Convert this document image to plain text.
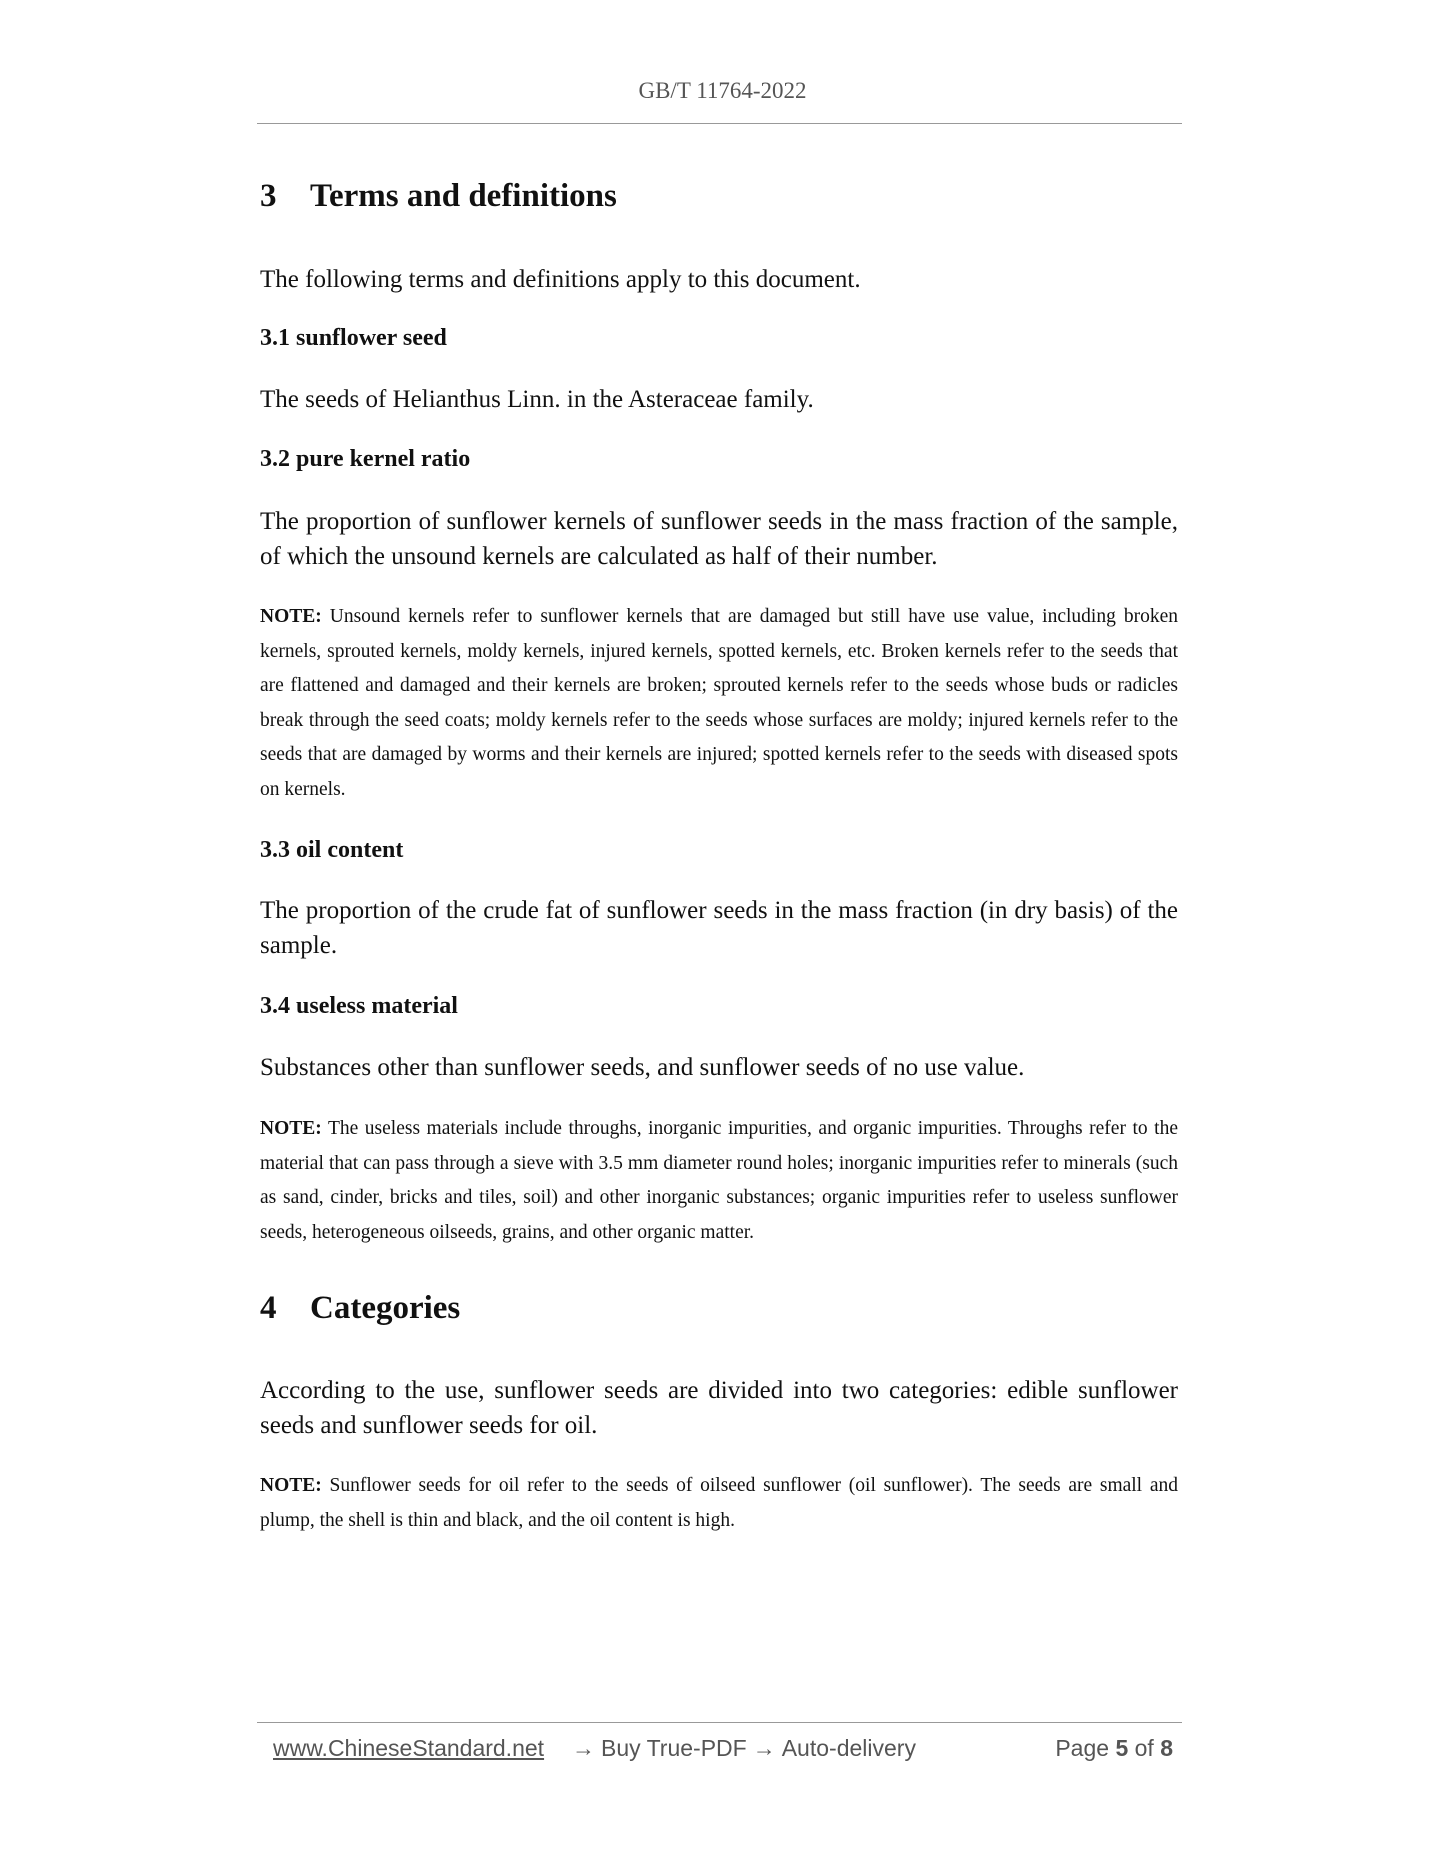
GB/T 11764-2022
3 Terms and definitions

The following terms and definitions apply to this document.

3.1 sunflower seed

The seeds of Helianthus Linn. in the Asteraceae family.

3.2 pure kernel ratio

The proportion of sunflower kernels of sunflower seeds in the mass fraction of the sample, of which the unsound kernels are calculated as half of their number.

NOTE: Unsound kernels refer to sunflower kernels that are damaged but still have use value, including broken kernels, sprouted kernels, moldy kernels, injured kernels, spotted kernels, etc. Broken kernels refer to the seeds that are flattened and damaged and their kernels are broken; sprouted kernels refer to the seeds whose buds or radicles break through the seed coats; moldy kernels refer to the seeds whose surfaces are moldy; injured kernels refer to the seeds that are damaged by worms and their kernels are injured; spotted kernels refer to the seeds with diseased spots on kernels.

3.3 oil content

The proportion of the crude fat of sunflower seeds in the mass fraction (in dry basis) of the sample.

3.4 useless material

Substances other than sunflower seeds, and sunflower seeds of no use value.

NOTE: The useless materials include throughs, inorganic impurities, and organic impurities. Throughs refer to the material that can pass through a sieve with 3.5 mm diameter round holes; inorganic impurities refer to minerals (such as sand, cinder, bricks and tiles, soil) and other inorganic substances; organic impurities refer to useless sunflower seeds, heterogeneous oilseeds, grains, and other organic matter.

4 Categories

According to the use, sunflower seeds are divided into two categories: edible sunflower seeds and sunflower seeds for oil.

NOTE: Sunflower seeds for oil refer to the seeds of oilseed sunflower (oil sunflower). The seeds are small and plump, the shell is thin and black, and the oil content is high.

www.ChineseStandard.net → Buy True-PDF → Auto-delivery	Page 5 of 8
